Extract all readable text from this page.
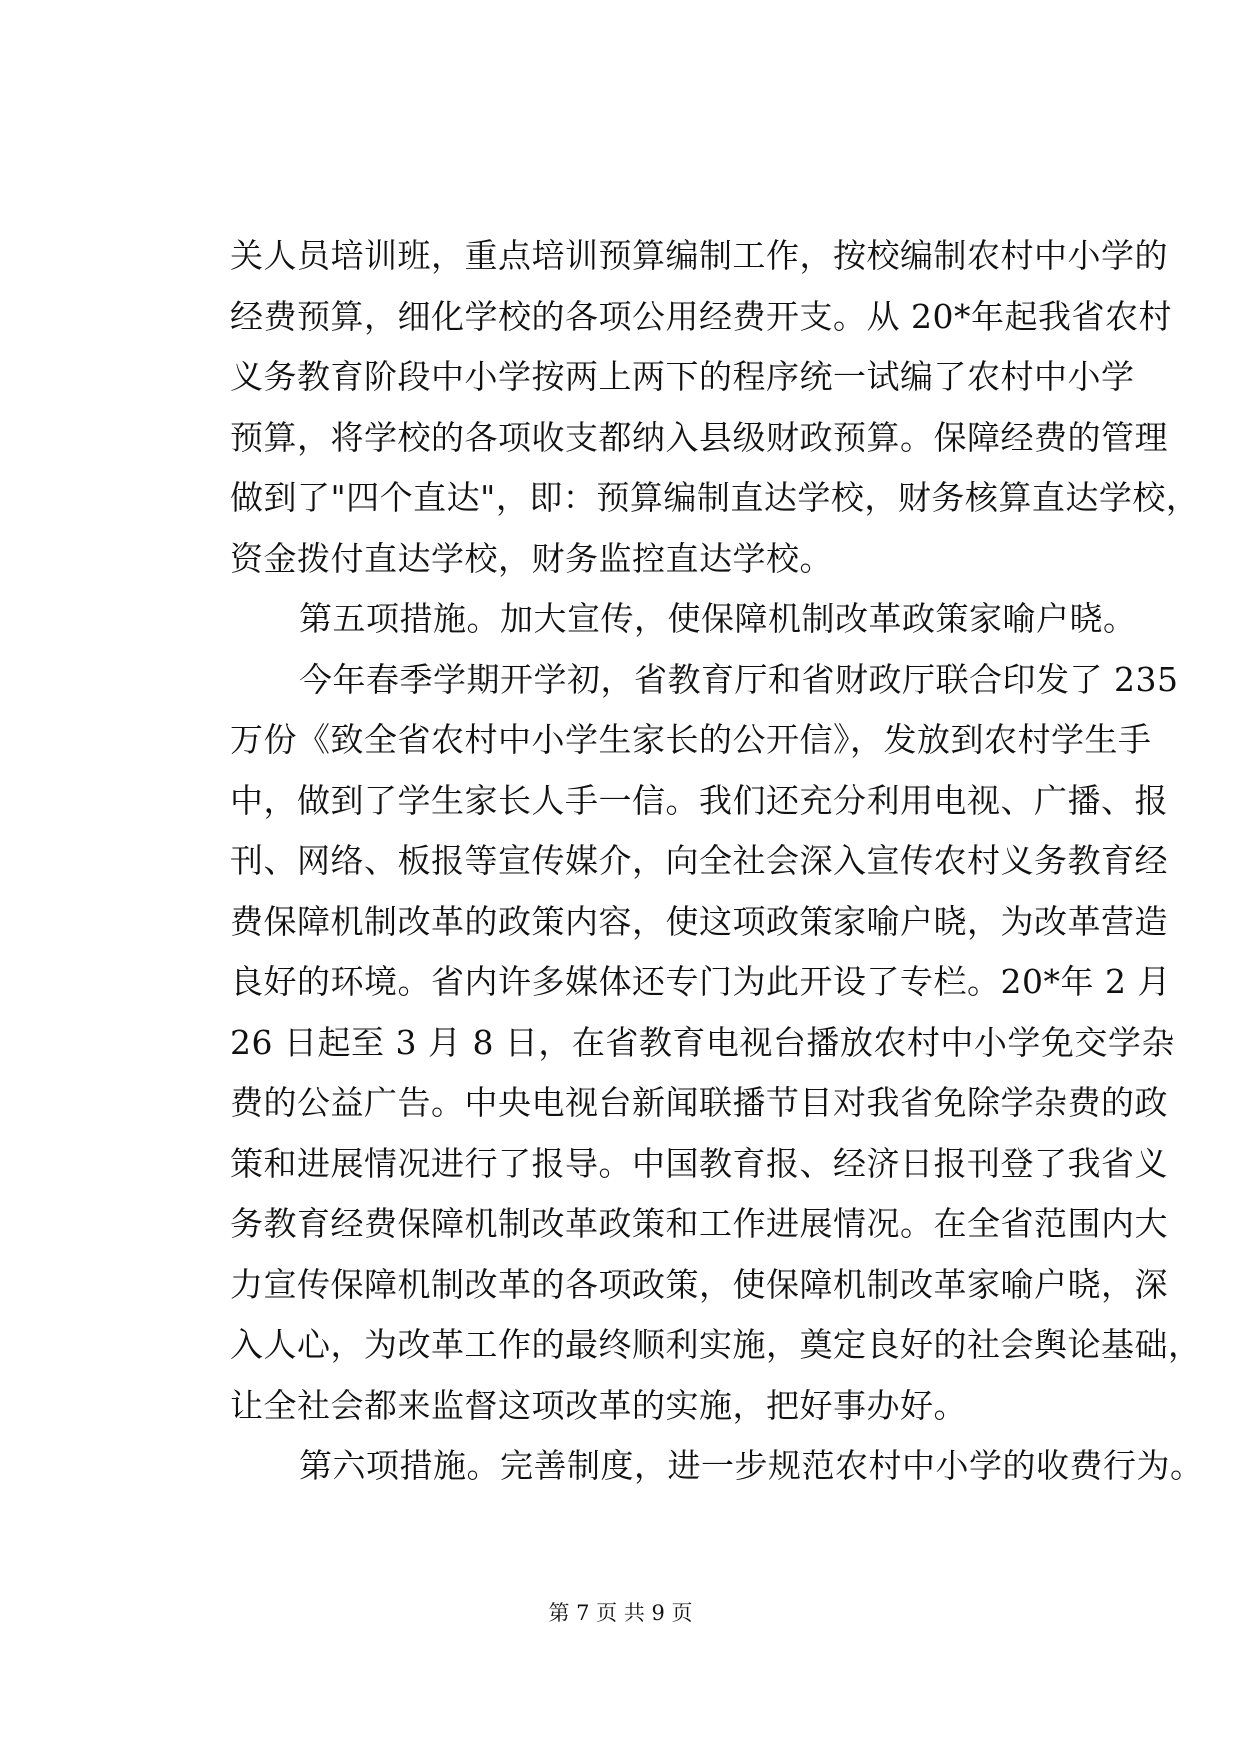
关人员培训班，重点培训预算编制工作，按校编制农村中小学的
经费预算，细化学校的各项公用经费开支。从 20*年起我省农村
义务教育阶段中小学按两上两下的程序统一试编了农村中小学
预算，将学校的各项收支都纳入县级财政预算。保障经费的管理
做到了"四个直达"，即：预算编制直达学校，财务核算直达学校，
资金拨付直达学校，财务监控直达学校。
第五项措施。加大宣传，使保障机制改革政策家喻户晓。
今年春季学期开学初，省教育厅和省财政厅联合印发了 235
万份《致全省农村中小学生家长的公开信》，发放到农村学生手
中，做到了学生家长人手一信。我们还充分利用电视、广播、报
刊、网络、板报等宣传媒介，向全社会深入宣传农村义务教育经
费保障机制改革的政策内容，使这项政策家喻户晓，为改革营造
良好的环境。省内许多媒体还专门为此开设了专栏。20*年 2 月
26 日起至 3 月 8 日，在省教育电视台播放农村中小学免交学杂
费的公益广告。中央电视台新闻联播节目对我省免除学杂费的政
策和进展情况进行了报导。中国教育报、经济日报刊登了我省义
务教育经费保障机制改革政策和工作进展情况。在全省范围内大
力宣传保障机制改革的各项政策，使保障机制改革家喻户晓，深
入人心，为改革工作的最终顺利实施，奠定良好的社会舆论基础，
让全社会都来监督这项改革的实施，把好事办好。
第六项措施。完善制度，进一步规范农村中小学的收费行为。
第 7 页 共 9 页
